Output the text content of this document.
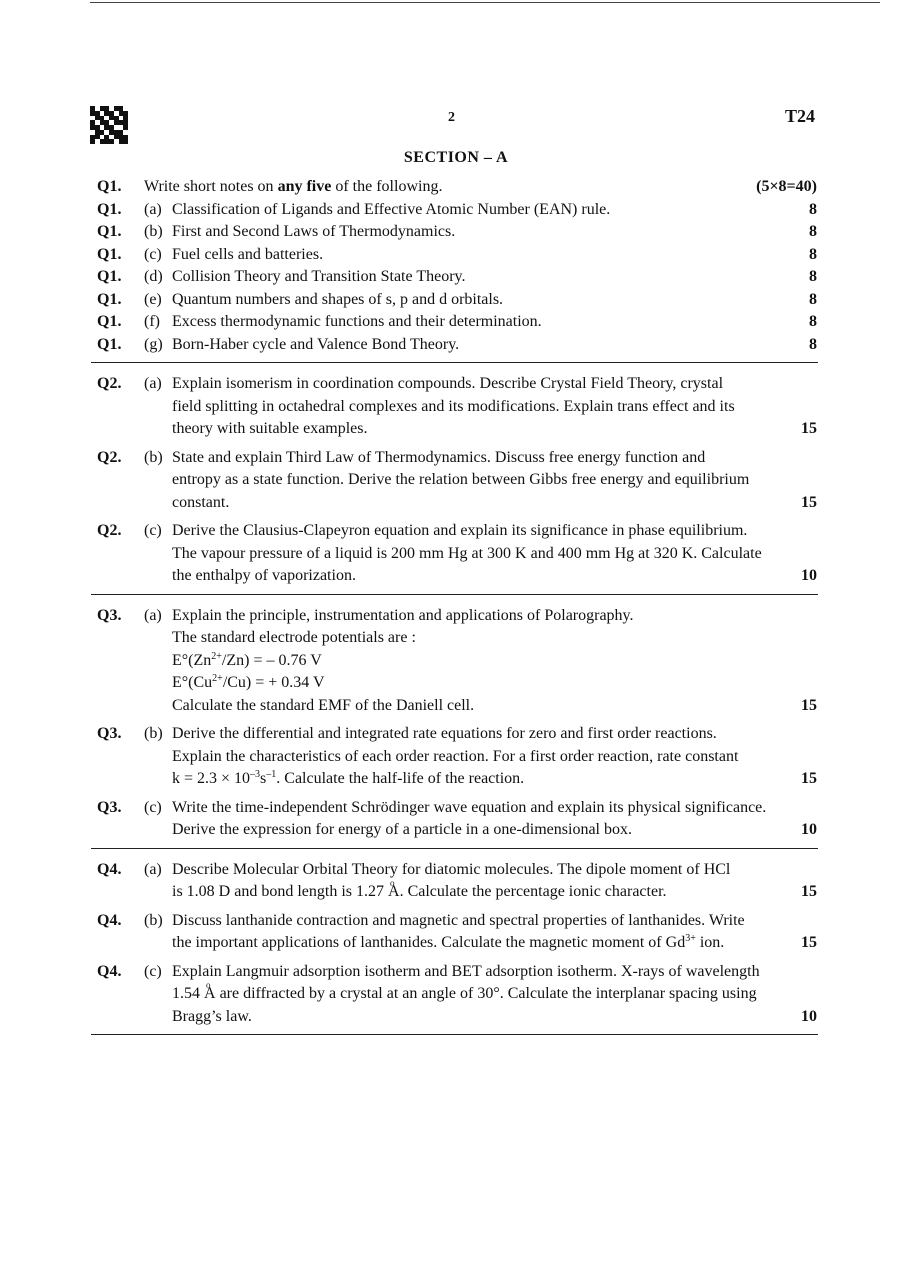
2	T24
SECTION – A
Q1.	Write short notes on any five of the following.	(5×8=40)
Q1.	(a) Classification of Ligands and Effective Atomic Number (EAN) rule.	8
Q1.	(b) First and Second Laws of Thermodynamics.	8
Q1.	(c) Fuel cells and batteries.	8
Q1.	(d) Collision Theory and Transition State Theory.	8
Q1.	(e) Quantum numbers and shapes of s, p and d orbitals.	8
Q1.	(f) Excess thermodynamic functions and their determination.	8
Q1.	(g) Born-Haber cycle and Valence Bond Theory.	8
Q2.	(a) Explain isomerism in coordination compounds. Describe Crystal Field Theory, crystal
field splitting in octahedral complexes and its modifications. Explain trans effect and its
theory with suitable examples.	15
Q2.	(b) State and explain Third Law of Thermodynamics. Discuss free energy function and
entropy as a state function. Derive the relation between Gibbs free energy and equilibrium
constant.	15
Q2.	(c) Derive the Clausius-Clapeyron equation and explain its significance in phase equilibrium.
The vapour pressure of a liquid is 200 mm Hg at 300 K and 400 mm Hg at 320 K. Calculate
the enthalpy of vaporization.	10
Q3.	(a) Explain the principle, instrumentation and applications of Polarography.
The standard electrode potentials are :
$E^\circ(Zn^{2+}/Zn)$ = – 0.76 V
$E^\circ(Cu^{2+}/Cu)$ = + 0.34 V
Calculate the standard EMF of the Daniell cell.	15
Q3.	(b) Derive the differential and integrated rate equations for zero and first order reactions.
Explain the characteristics of each order reaction. For a first order reaction, rate constant
$k = 2.3 \times 10^{-3}s^{-1}$. Calculate the half-life of the reaction.	15
Q3.	(c) Write the time-independent Schrödinger wave equation and explain its physical significance.
Derive the expression for energy of a particle in a one-dimensional box.	10
Q4.	(a) Describe Molecular Orbital Theory for diatomic molecules. The dipole moment of HCl
is 1.08 D and bond length is 1.27 o A. Calculate the percentage ionic character.	15
Q4.	(b) Discuss lanthanide contraction and magnetic and spectral properties of lanthanides. Write
the important applications of lanthanides. Calculate the magnetic moment of $Gd^{3+}$ ion.	15
Q4.	(c) Explain Langmuir adsorption isotherm and BET adsorption isotherm. X-rays of wavelength
1.54 o A are diffracted by a crystal at an angle of 30°. Calculate the interplanar spacing using
Bragg’s law.	10
